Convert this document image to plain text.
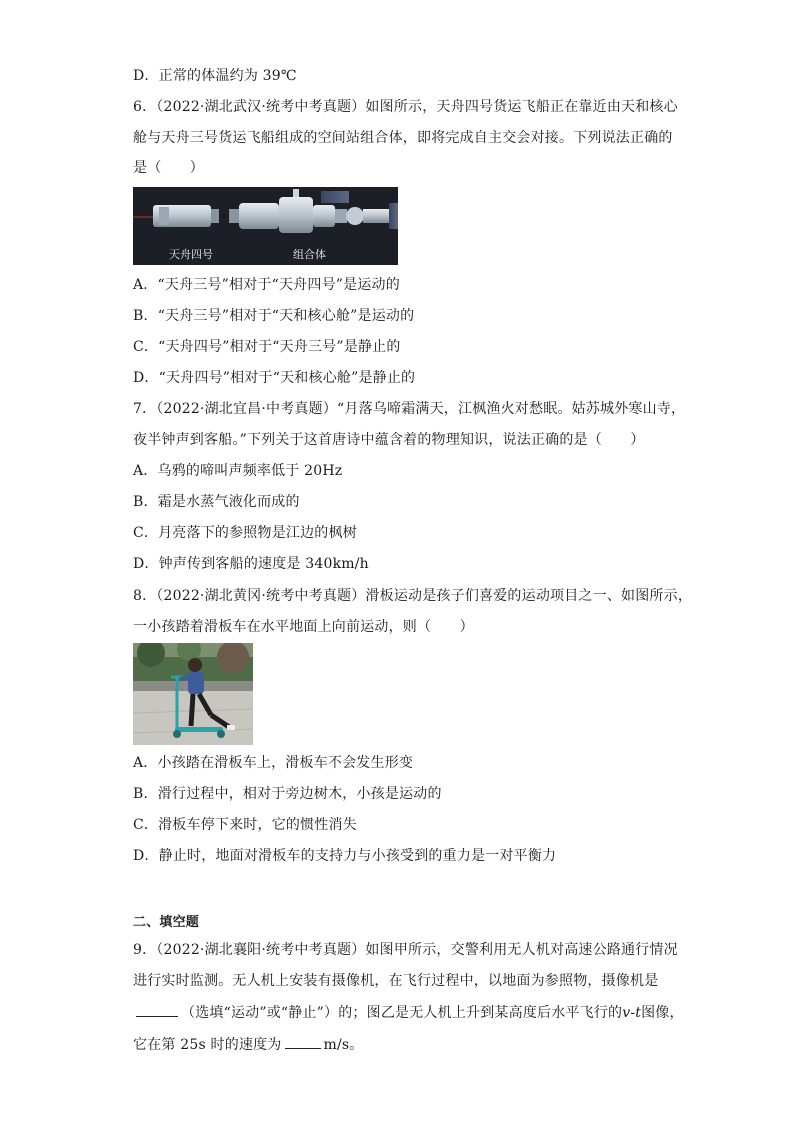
D．正常的体温约为 39℃
6．（2022·湖北武汉·统考中考真题）如图所示，天舟四号货运飞船正在靠近由天和核心
舱与天舟三号货运飞船组成的空间站组合体，即将完成自主交会对接。下列说法正确的
是（　　）
天舟四号	组合体
A．“天舟三号”相对于“天舟四号”是运动的
B．“天舟三号”相对于“天和核心舱”是运动的
C．“天舟四号”相对于“天舟三号”是静止的
D．“天舟四号”相对于“天和核心舱”是静止的
7．（2022·湖北宜昌·中考真题）“月落乌啼霜满天，江枫渔火对愁眠。姑苏城外寒山寺，
夜半钟声到客船。”下列关于这首唐诗中蕴含着的物理知识，说法正确的是（　　）
A．乌鸦的啼叫声频率低于 20Hz
B．霜是水蒸气液化而成的
C．月亮落下的参照物是江边的枫树
D．钟声传到客船的速度是 340km/h
8．（2022·湖北黄冈·统考中考真题）滑板运动是孩子们喜爱的运动项目之一、如图所示，
一小孩踏着滑板车在水平地面上向前运动，则（　　）
A．小孩踏在滑板车上，滑板车不会发生形变
B．滑行过程中，相对于旁边树木，小孩是运动的
C．滑板车停下来时，它的惯性消失
D．静止时，地面对滑板车的支持力与小孩受到的重力是一对平衡力
二、填空题
9．（2022·湖北襄阳·统考中考真题）如图甲所示，交警利用无人机对高速公路通行情况
进行实时监测。无人机上安装有摄像机，在飞行过程中，以地面为参照物，摄像机是
（选填“运动”或“静止”）的；图乙是无人机上升到某高度后水平飞行的v-t图像，
它在第 25s 时的速度为	m/s。
